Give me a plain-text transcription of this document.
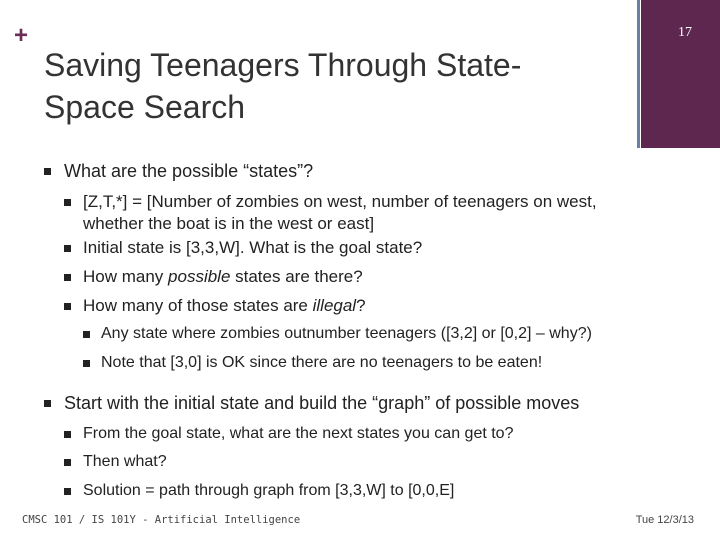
+	17
Saving Teenagers Through State-
Space Search
What are the possible “states”?
[Z,T,*] = [Number of zombies on west, number of teenagers on west,
whether the boat is in the west or east]
Initial state is [3,3,W]. What is the goal state?
How many possible states are there?
How many of those states are illegal?
Any state where zombies outnumber teenagers ([3,2] or [0,2] – why?)
Note that [3,0] is OK since there are no teenagers to be eaten!
Start with the initial state and build the “graph” of possible moves
From the goal state, what are the next states you can get to?
Then what?
Solution = path through graph from [3,3,W] to [0,0,E]
CMSC 101 / IS 101Y - Artificial Intelligence	Tue 12/3/13
